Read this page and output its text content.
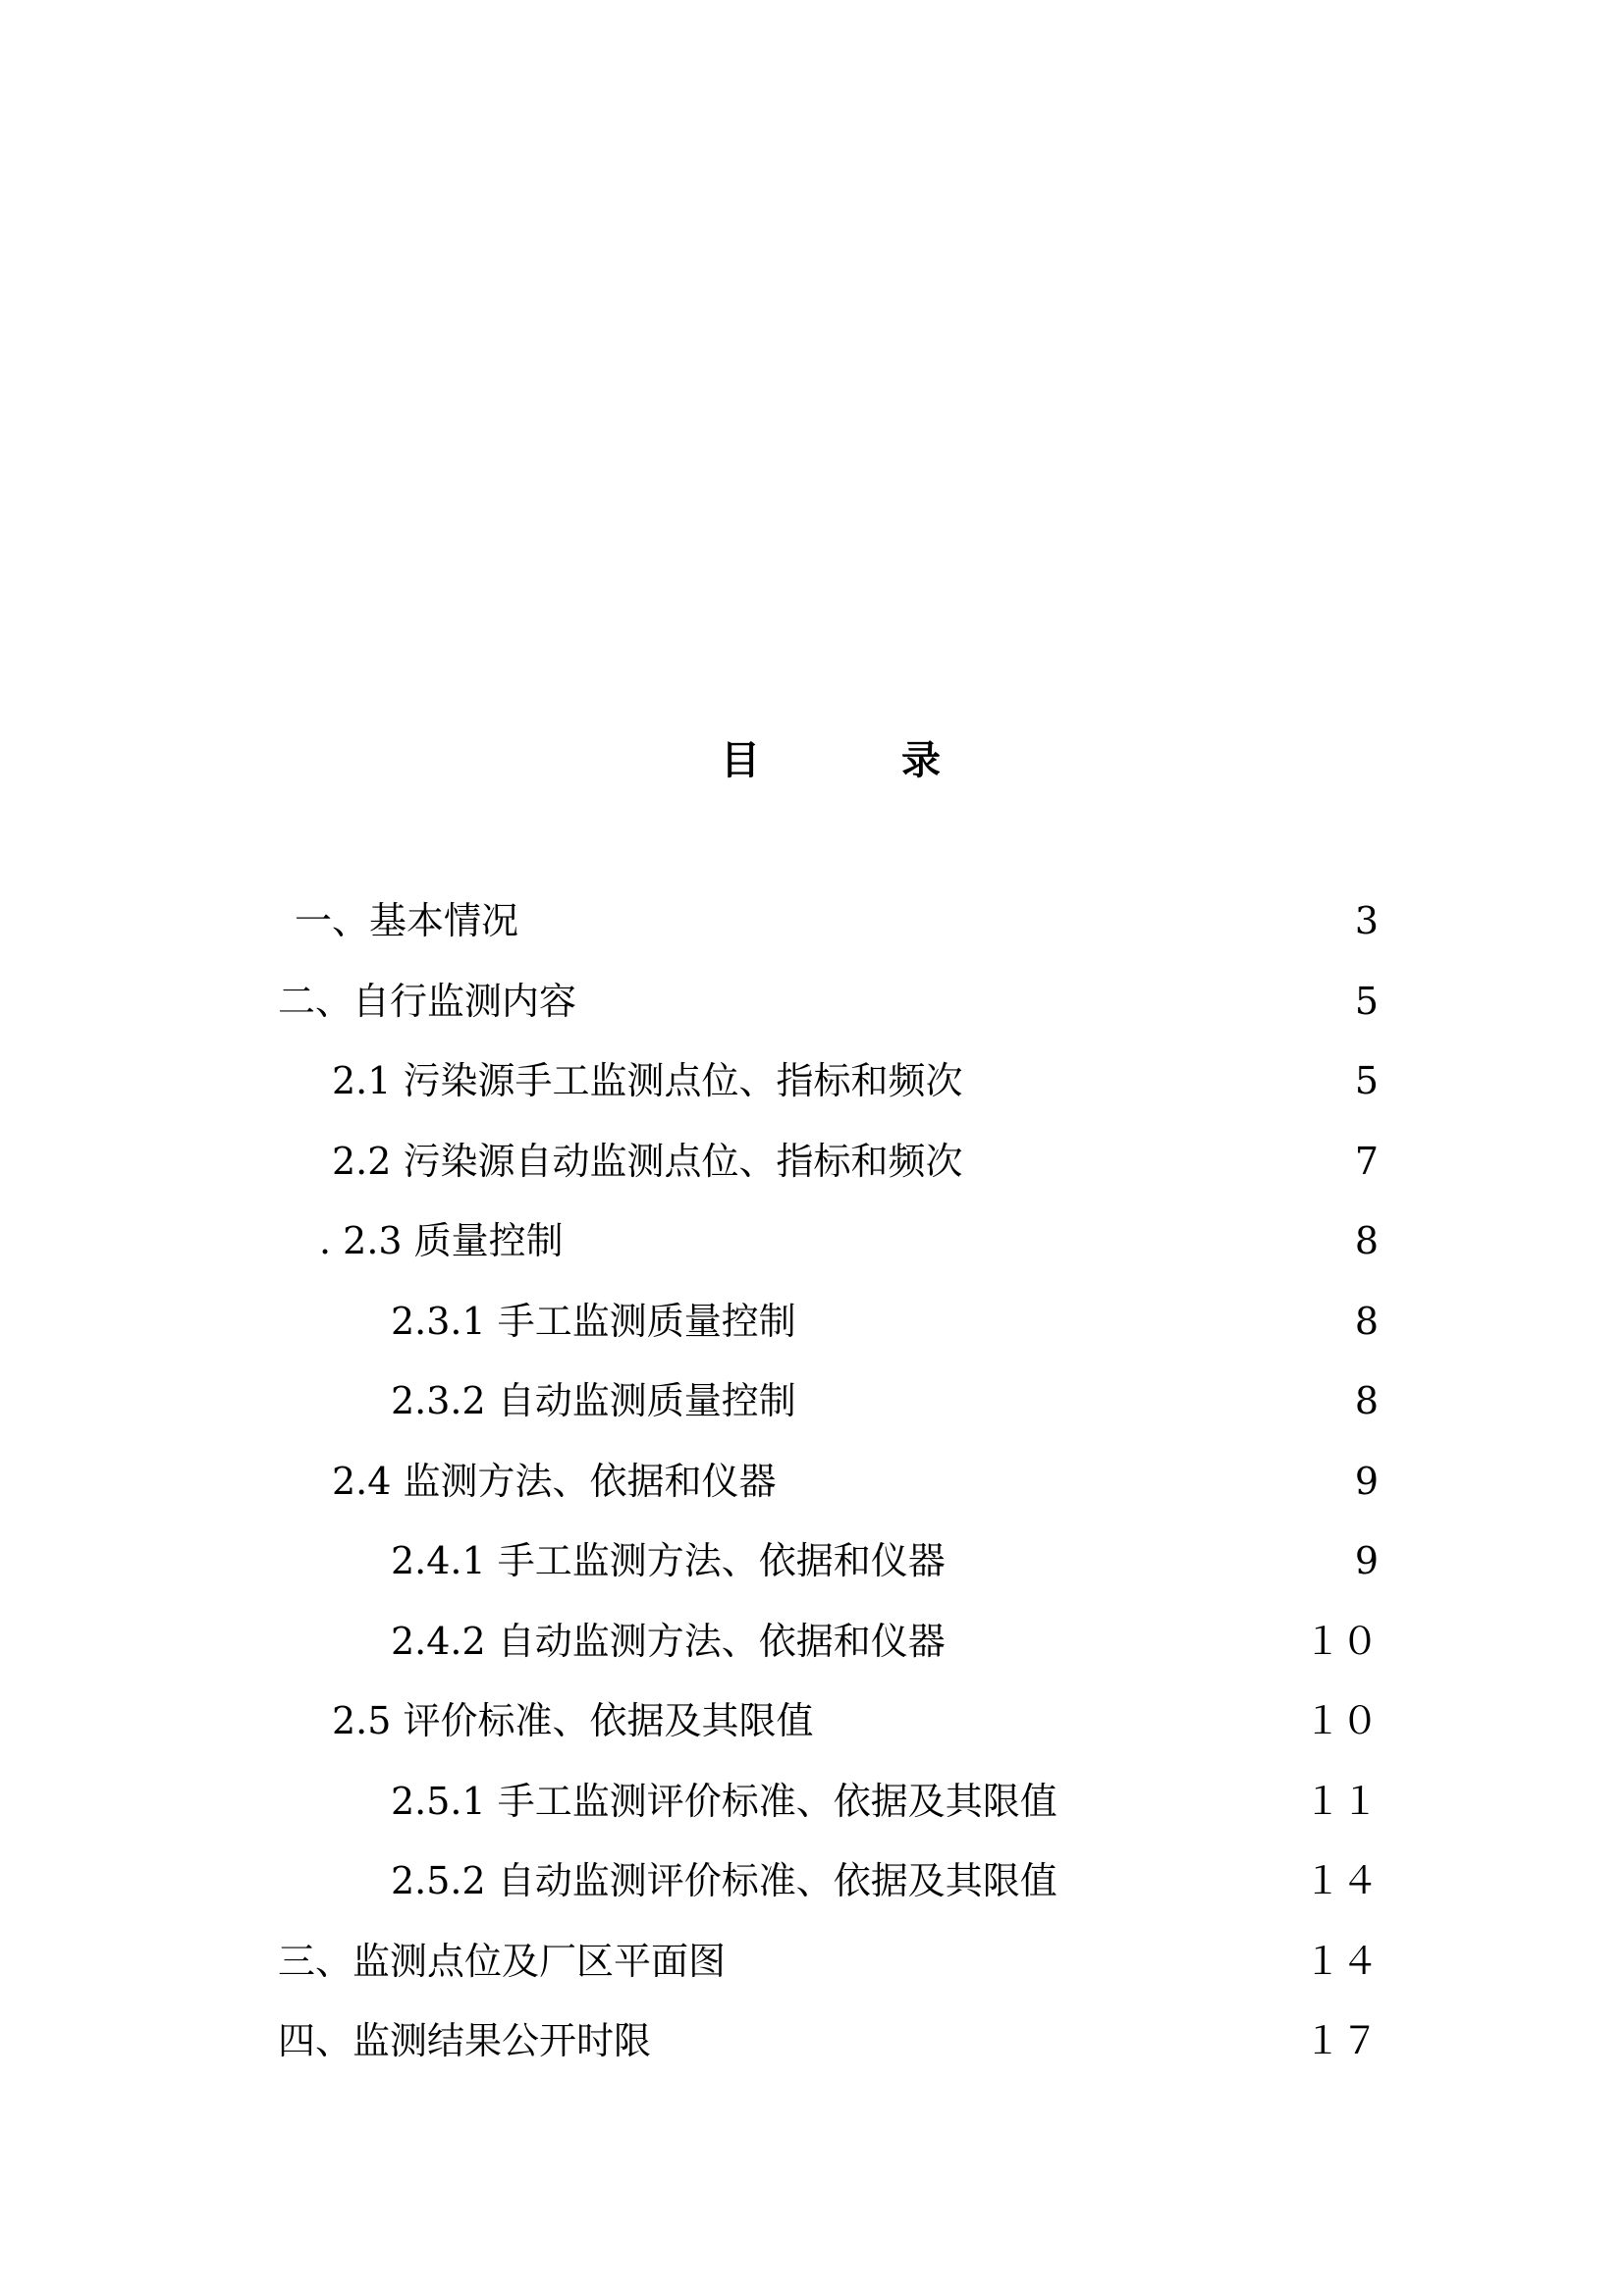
目　录
一、基本情况	3
二、自行监测内容	5
2.1 污染源手工监测点位、指标和频次	5
2.2 污染源自动监测点位、指标和频次	7
. 2.3 质量控制	8
2.3.1 手工监测质量控制	8
2.3.2 自动监测质量控制	8
2.4 监测方法、依据和仪器	9
2.4.1 手工监测方法、依据和仪器	9
2.4.2 自动监测方法、依据和仪器	１０
2.5 评价标准、依据及其限值	１０
2.5.1 手工监测评价标准、依据及其限值	１１
2.5.2 自动监测评价标准、依据及其限值	１４
三、监测点位及厂区平面图	１４
四、监测结果公开时限	１７
